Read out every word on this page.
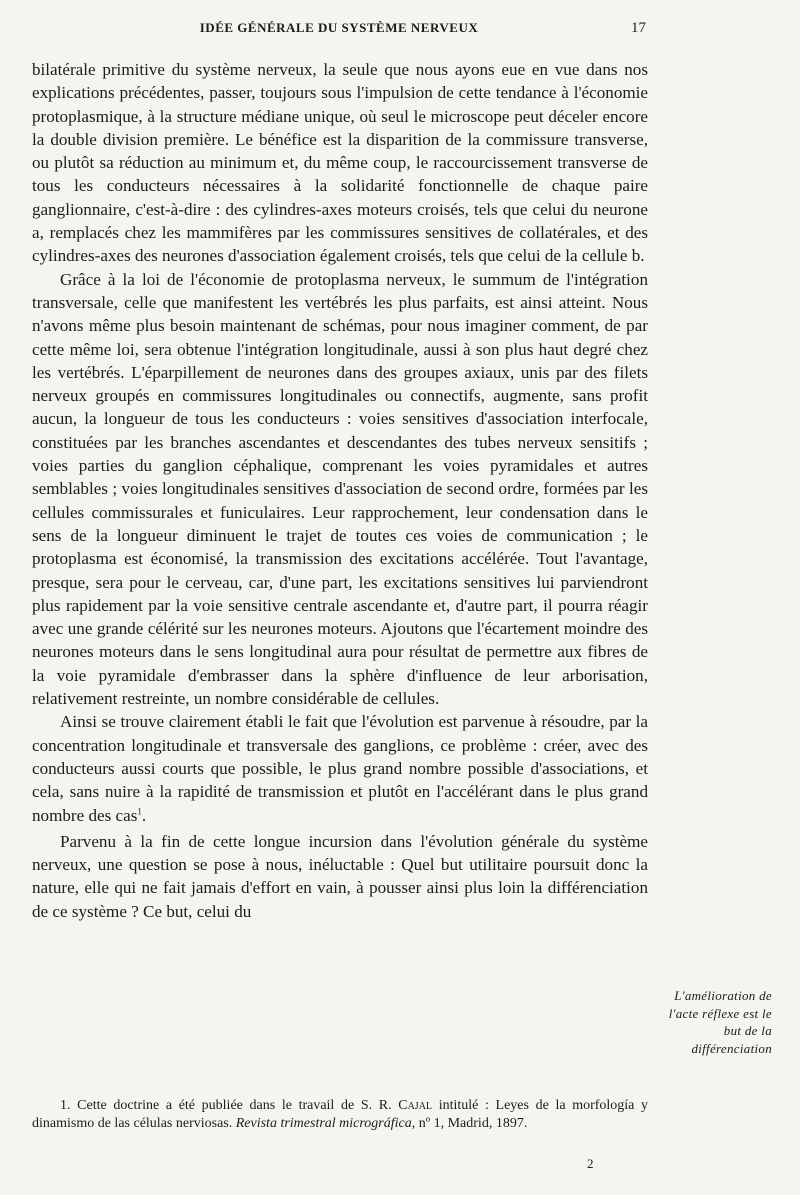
IDÉE GÉNÉRALE DU SYSTÈME NERVEUX	17

bilatérale primitive du système nerveux, la seule que nous ayons eue en vue dans nos explications précédentes, passer, toujours sous l'impulsion de cette tendance à l'économie protoplasmique, à la structure médiane unique, où seul le microscope peut déceler encore la double division première. Le bénéfice est la disparition de la commissure transverse, ou plutôt sa réduction au minimum et, du même coup, le raccourcissement transverse de tous les conducteurs nécessaires à la solidarité fonctionnelle de chaque paire ganglionnaire, c'est-à-dire : des cylindres-axes moteurs croisés, tels que celui du neurone a, remplacés chez les mammifères par les commissures sensitives de collatérales, et des cylindres-axes des neurones d'association également croisés, tels que celui de la cellule b.

Grâce à la loi de l'économie de protoplasma nerveux, le summum de l'intégration transversale, celle que manifestent les vertébrés les plus parfaits, est ainsi atteint. Nous n'avons même plus besoin maintenant de schémas, pour nous imaginer comment, de par cette même loi, sera obtenue l'intégration longitudinale, aussi à son plus haut degré chez les vertébrés. L'éparpillement de neurones dans des groupes axiaux, unis par des filets nerveux groupés en commissures longitudinales ou connectifs, augmente, sans profit aucun, la longueur de tous les conducteurs : voies sensitives d'association interfocale, constituées par les branches ascendantes et descendantes des tubes nerveux sensitifs ; voies parties du ganglion céphalique, comprenant les voies pyramidales et autres semblables ; voies longitudinales sensitives d'association de second ordre, formées par les cellules commissurales et funiculaires. Leur rapprochement, leur condensation dans le sens de la longueur diminuent le trajet de toutes ces voies de communication ; le protoplasma est économisé, la transmission des excitations accélérée. Tout l'avantage, presque, sera pour le cerveau, car, d'une part, les excitations sensitives lui parviendront plus rapidement par la voie sensitive centrale ascendante et, d'autre part, il pourra réagir avec une grande célérité sur les neurones moteurs. Ajoutons que l'écartement moindre des neurones moteurs dans le sens longitudinal aura pour résultat de permettre aux fibres de la voie pyramidale d'embrasser dans la sphère d'influence de leur arborisation, relativement restreinte, un nombre considérable de cellules.

Ainsi se trouve clairement établi le fait que l'évolution est parvenue à résoudre, par la concentration longitudinale et transversale des ganglions, ce problème : créer, avec des conducteurs aussi courts que possible, le plus grand nombre possible d'associations, et cela, sans nuire à la rapidité de transmission et plutôt en l'accélérant dans le plus grand nombre des cas$^1$.

Parvenu à la fin de cette longue incursion dans l'évolution générale du système nerveux, une question se pose à nous, inéluctable : Quel but utilitaire poursuit donc la nature, elle qui ne fait jamais d'effort en vain, à pousser ainsi plus loin la différenciation de ce système ? Ce but, celui du

L'amélioration de l'acte réflexe est le but de la différenciation
1. Cette doctrine a été publiée dans le travail de S. R. Cajal intitulé : Leyes de la morfología y dinamismo de las células nerviosas. Revista trimestral micrográfica, nº 1, Madrid, 1897.
2
